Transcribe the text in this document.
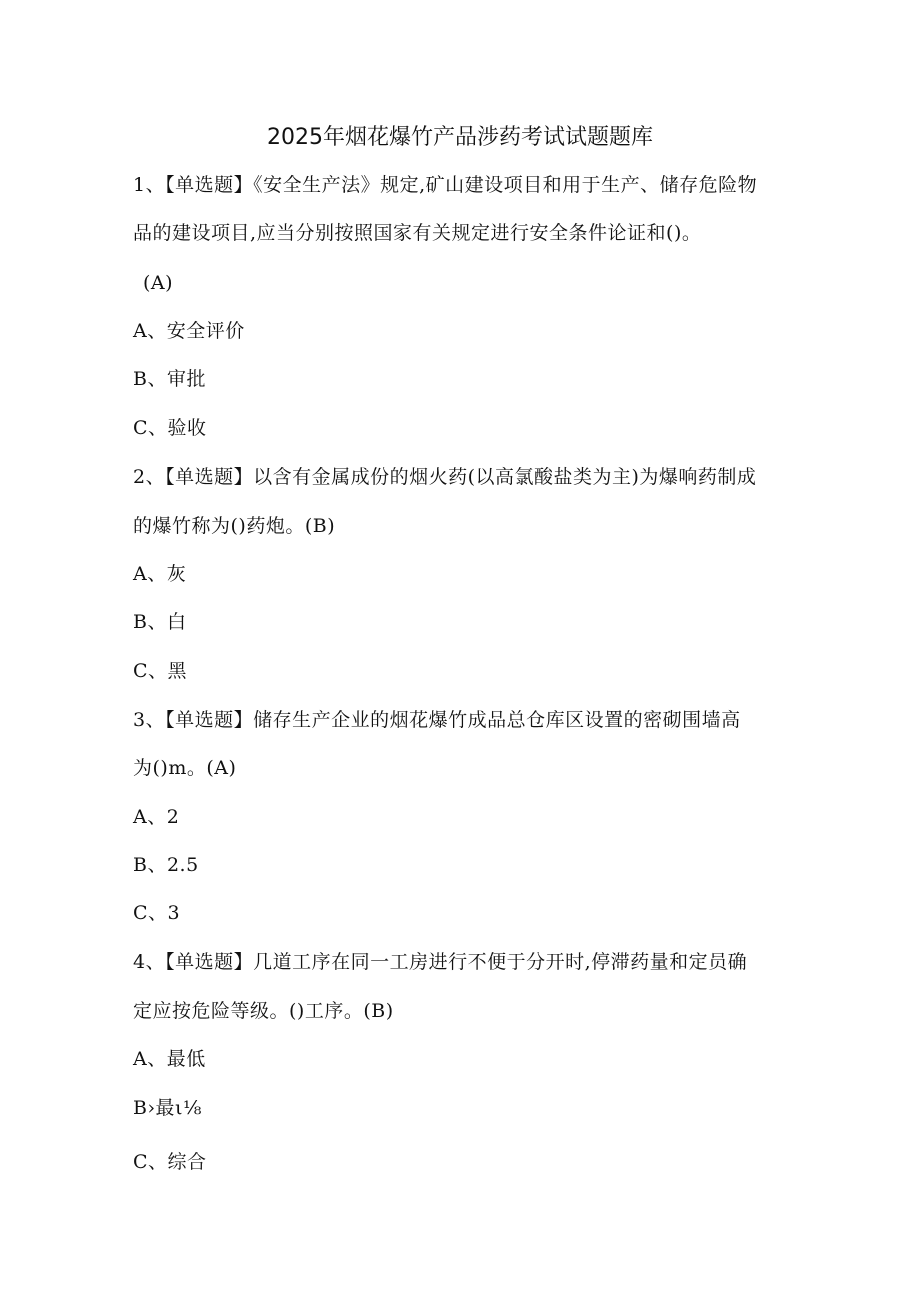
2025年烟花爆竹产品涉药考试试题题库
1、【单选题】《安全生产法》规定,矿山建设项目和用于生产、储存危险物
品的建设项目,应当分别按照国家有关规定进行安全条件论证和()。
(A)
A、安全评价
B、审批
C、验收
2、【单选题】以含有金属成份的烟火药(以高氯酸盐类为主)为爆响药制成
的爆竹称为()药炮。(B)
A、灰
B、白
C、黑
3、【单选题】储存生产企业的烟花爆竹成品总仓库区设置的密砌围墙高
为()m。(A)
A、2
B、2.5
C、3
4、【单选题】几道工序在同一工房进行不便于分开时,停滞药量和定员确
定应按危险等级。()工序。(B)
A、最低
B›最ι⅛
C、综合
